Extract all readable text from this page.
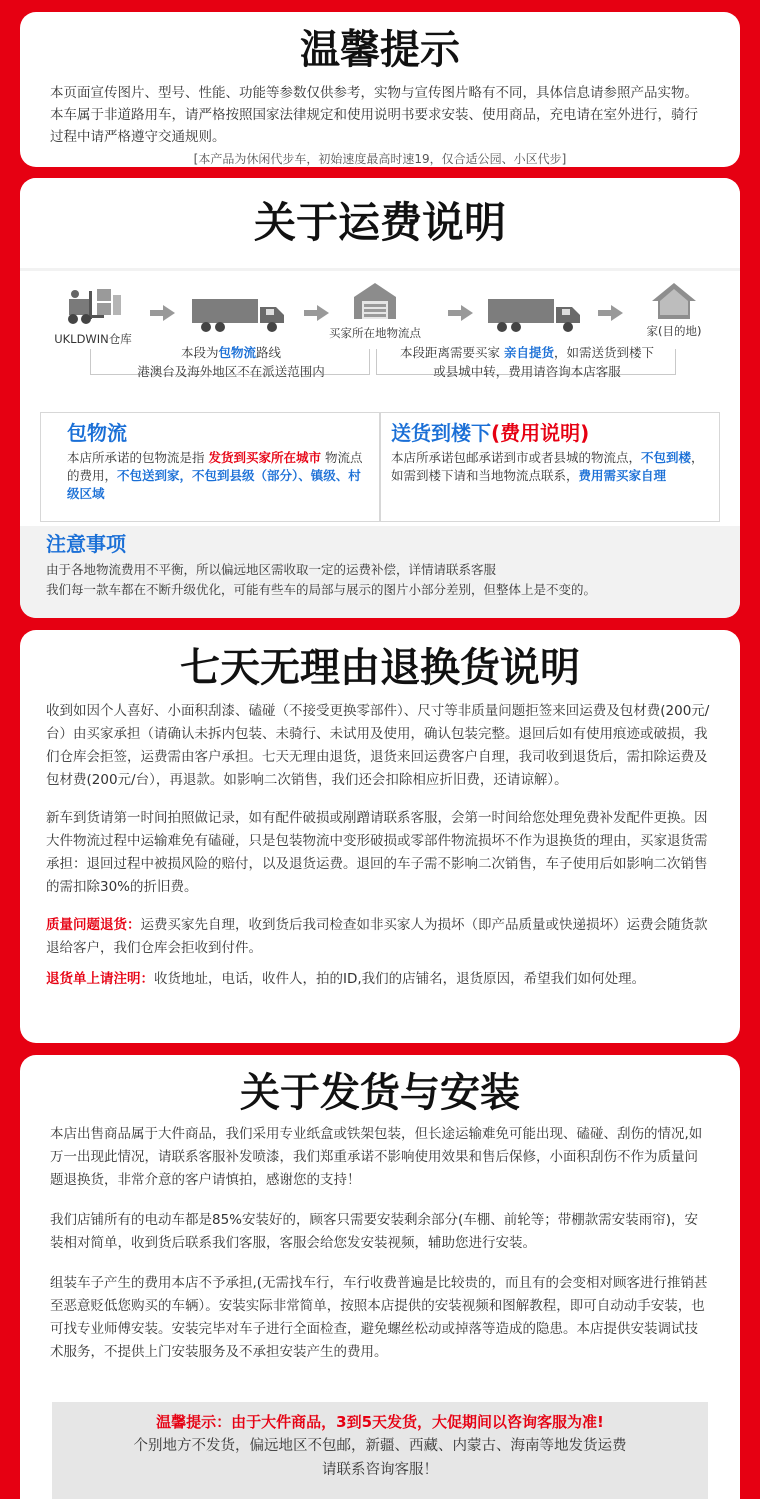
温馨提示
本页面宣传图片、型号、性能、功能等参数仅供参考，实物与宣传图片略有不同，具体信息请参照产品实物。本车属于非道路用车，请严格按照国家法律规定和使用说明书要求安装、使用商品，充电请在室外进行，骑行过程中请严格遵守交通规则。
[本产品为休闲代步车，初始速度最高时速19，仅合适公园、小区代步]
关于运费说明
UKLDWIN仓库	买家所在地物流点	家(目的地)
本段为包物流路线
港澳台及海外地区不在派送范围内
本段距离需要买家 亲自提货，如需送货到楼下
或县城中转，费用请咨询本店客服
包物流
本店所承诺的包物流是指 发货到买家所在城市 物流点的费用，不包送到家，不包到县级（部分）、镇级、村级区域
送货到楼下(费用说明)
本店所承诺包邮承诺到市或者县城的物流点，不包到楼，如需到楼下请和当地物流点联系，费用需买家自理
注意事项
由于各地物流费用不平衡，所以偏远地区需收取一定的运费补偿，详情请联系客服
我们每一款车都在不断升级优化，可能有些车的局部与展示的图片小部分差别，但整体上是不变的。
七天无理由退换货说明
收到如因个人喜好、小面积刮漆、磕碰（不接受更换零部件）、尺寸等非质量问题拒签来回运费及包材费(200元/台）由买家承担（请确认未拆内包装、未骑行、未试用及使用，确认包装完整。退回后如有使用痕迹或破损，我们仓库会拒签，运费需由客户承担。七天无理由退货，退货来回运费客户自理，我司收到退货后，需扣除运费及包材费(200元/台），再退款。如影响二次销售，我们还会扣除相应折旧费，还请谅解）。
新车到货请第一时间拍照做记录，如有配件破损或剐蹭请联系客服，会第一时间给您处理免费补发配件更换。因大件物流过程中运输难免有磕碰，只是包装物流中变形破损或零部件物流损坏不作为退换货的理由，买家退货需承担：退回过程中被损风险的赔付，以及退货运费。退回的车子需不影响二次销售，车子使用后如影响二次销售的需扣除30%的折旧费。
质量问题退货：运费买家先自理，收到货后我司检查如非买家人为损坏（即产品质量或快递损坏）运费会随货款退给客户，我们仓库会拒收到付件。
退货单上请注明：收货地址，电话，收件人，拍的ID,我们的店铺名，退货原因，希望我们如何处理。
关于发货与安装
本店出售商品属于大件商品，我们采用专业纸盒或铁架包装，但长途运输难免可能出现、磕碰、刮伤的情况,如万一出现此情况，请联系客服补发喷漆，我们郑重承诺不影响使用效果和售后保修，小面积刮伤不作为质量问题退换货，非常介意的客户请慎拍，感谢您的支持！
我们店铺所有的电动车都是85%安装好的，顾客只需要安装剩余部分(车棚、前轮等；带棚款需安装雨帘)，安装相对简单，收到货后联系我们客服，客服会给您发安装视频，辅助您进行安装。
组装车子产生的费用本店不予承担,(无需找车行，车行收费普遍是比较贵的，而且有的会变相对顾客进行推销甚至恶意贬低您购买的车辆）。安装实际非常简单，按照本店提供的安装视频和图解教程，即可自动动手安装，也可找专业师傅安装。安装完毕对车子进行全面检查，避免螺丝松动或掉落等造成的隐患。本店提供安装调试技术服务，不提供上门安装服务及不承担安装产生的费用。
温馨提示：由于大件商品，3到5天发货，大促期间以咨询客服为准!
个别地方不发货，偏远地区不包邮，新疆、西藏、内蒙古、海南等地发货运费
请联系咨询客服！
